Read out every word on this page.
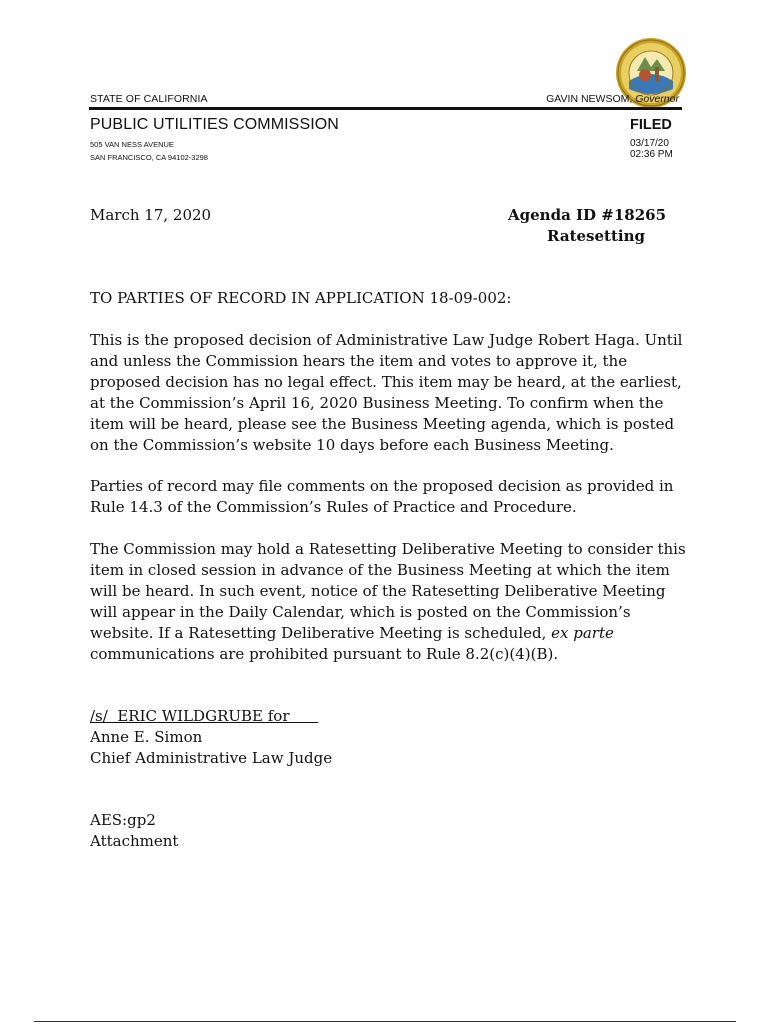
STATE OF CALIFORNIA	GAVIN NEWSOM, Governor
PUBLIC UTILITIES COMMISSION
505 VAN NESS AVENUE
SAN FRANCISCO, CA 94102-3298
FILED
03/17/20
02:36 PM
March 17, 2020	Agenda ID #18265
Ratesetting
TO PARTIES OF RECORD IN APPLICATION 18-09-002:
This is the proposed decision of Administrative Law Judge Robert Haga. Until and unless the Commission hears the item and votes to approve it, the proposed decision has no legal effect. This item may be heard, at the earliest, at the Commission’s April 16, 2020 Business Meeting. To confirm when the item will be heard, please see the Business Meeting agenda, which is posted on the Commission’s website 10 days before each Business Meeting.
Parties of record may file comments on the proposed decision as provided in Rule 14.3 of the Commission’s Rules of Practice and Procedure.
The Commission may hold a Ratesetting Deliberative Meeting to consider this item in closed session in advance of the Business Meeting at which the item will be heard. In such event, notice of the Ratesetting Deliberative Meeting will appear in the Daily Calendar, which is posted on the Commission’s website. If a Ratesetting Deliberative Meeting is scheduled, ex parte communications are prohibited pursuant to Rule 8.2(c)(4)(B).
/s/  ERIC WILDGRUBE for
Anne E. Simon
Chief Administrative Law Judge
AES:gp2
Attachment
